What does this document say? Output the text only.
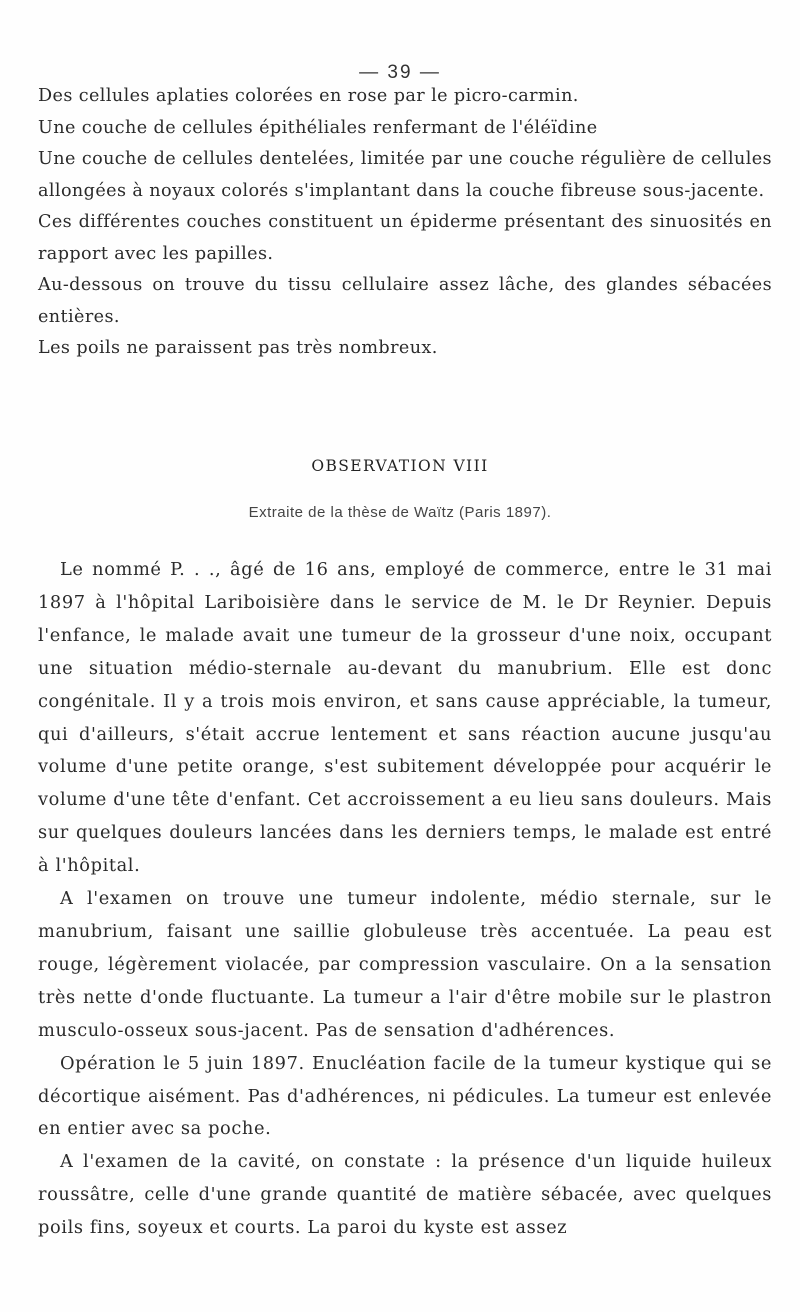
— 39 —

Des cellules aplaties colorées en rose par le picro-carmin.

Une couche de cellules épithéliales renfermant de l'éléïdine

Une couche de cellules dentelées, limitée par une couche régulière de cellules allongées à noyaux colorés s'implantant dans la couche fibreuse sous-jacente.

Ces différentes couches constituent un épiderme présentant des sinuosités en rapport avec les papilles.

Au-dessous on trouve du tissu cellulaire assez lâche, des glandes sébacées entières.

Les poils ne paraissent pas très nombreux.

OBSERVATION VIII
Extraite de la thèse de Waïtz (Paris 1897).

Le nommé P. . ., âgé de 16 ans, employé de commerce, entre le 31 mai 1897 à l'hôpital Lariboisière dans le service de M. le Dr Reynier. Depuis l'enfance, le malade avait une tumeur de la grosseur d'une noix, occupant une situation médio-sternale au-devant du manubrium. Elle est donc congénitale. Il y a trois mois environ, et sans cause appréciable, la tumeur, qui d'ailleurs, s'était accrue lentement et sans réaction aucune jusqu'au volume d'une petite orange, s'est subitement développée pour acquérir le volume d'une tête d'enfant. Cet accroissement a eu lieu sans douleurs. Mais sur quelques douleurs lancées dans les derniers temps, le malade est entré à l'hôpital.

A l'examen on trouve une tumeur indolente, médio sternale, sur le manubrium, faisant une saillie globuleuse très accentuée. La peau est rouge, légèrement violacée, par compression vasculaire. On a la sensation très nette d'onde fluctuante. La tumeur a l'air d'être mobile sur le plastron musculo-osseux sous-jacent. Pas de sensation d'adhérences.

Opération le 5 juin 1897. Enucléation facile de la tumeur kystique qui se décortique aisément. Pas d'adhérences, ni pédicules. La tumeur est enlevée en entier avec sa poche.

A l'examen de la cavité, on constate : la présence d'un liquide huileux roussâtre, celle d'une grande quantité de matière sébacée, avec quelques poils fins, soyeux et courts. La paroi du kyste est assez
